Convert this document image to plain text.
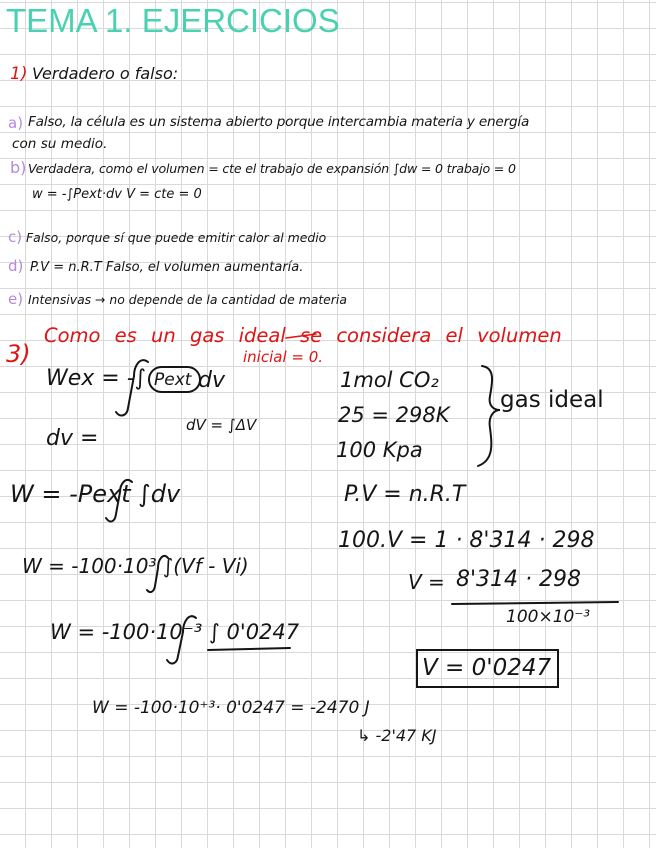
TEMA 1. EJERCICIOS
1) Verdadero o falso:
a) Falso, la célula es un sistema abierto porque intercambia materia y energía
con su medio.
b) Verdadera, como el volumen = cte el trabajo de expansión ∫dw = 0 trabajo = 0
w = -∫Pext·dv V = cte = 0
c) Falso, porque sí que puede emitir calor al medio
d) P.V = n.R.T Falso, el volumen aumentaría.
e) Intensivas → no depende de la cantidad de materia
3)
Como es un gas ideal se considera el volumen
inicial = 0.
Wex = -∫ Pext dv
dv =
dV = ∫ΔV
W = -Pext ∫dv
W = -100·10³ ∫(Vf - Vi)
W = -100·10⁻³ ∫ 0'0247
W = -100·10⁺³· 0'0247 = -2470 J
↳ -2'47 KJ
1mol CO₂
25 = 298K
100 Kpa
gas ideal
P.V = n.R.T
100.V = 1 · 8'314 · 298
V = 8'314 · 298
100×10⁻³
V = 0'0247
